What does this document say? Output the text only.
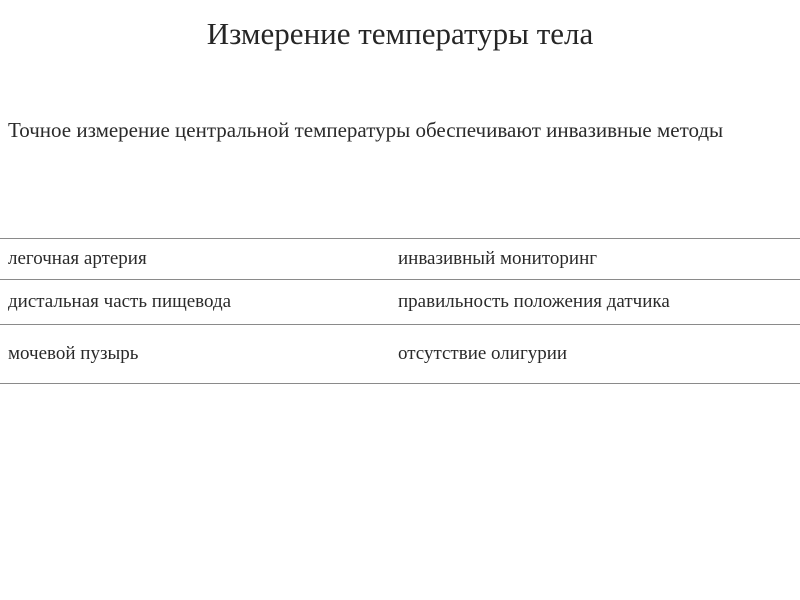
Измерение температуры тела
Точное измерение центральной температуры обеспечивают инвазивные методы
легочная артерия	инвазивный мониторинг
дистальная часть пищевода	правильность положения датчика
мочевой пузырь	отсутствие олигурии
